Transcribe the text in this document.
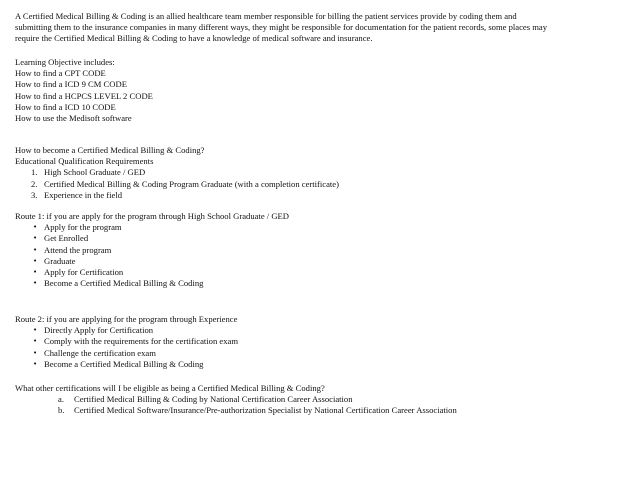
A Certified Medical Billing & Coding is an allied healthcare team member responsible for billing the patient services provide by coding them and

submitting them to the insurance companies in many different ways, they might be responsible for documentation for the patient records, some places may

require the Certified Medical Billing & Coding to have a knowledge of medical software and insurance.

Learning Objective includes:

How to find a CPT CODE

How to find a ICD 9 CM CODE

How to find a HCPCS LEVEL 2 CODE

How to find a ICD 10 CODE

How to use the Medisoft software

How to become a Certified Medical Billing & Coding?

Educational Qualification Requirements

1. High School Graduate / GED
2. Certified Medical Billing & Coding Program Graduate (with a completion certificate)
3. Experience in the field

Route 1: if you are apply for the program through High School Graduate / GED

• Apply for the program
• Get Enrolled
• Attend the program
• Graduate
• Apply for Certification
• Become a Certified Medical Billing & Coding

Route 2: if you are applying for the program through Experience

• Directly Apply for Certification
• Comply with the requirements for the certification exam
• Challenge the certification exam
• Become a Certified Medical Billing & Coding

What other certifications will I be eligible as being a Certified Medical Billing & Coding?

a.	Certified Medical Billing & Coding by National Certification Career Association
b.	Certified Medical Software/Insurance/Pre-authorization Specialist by National Certification Career Association
